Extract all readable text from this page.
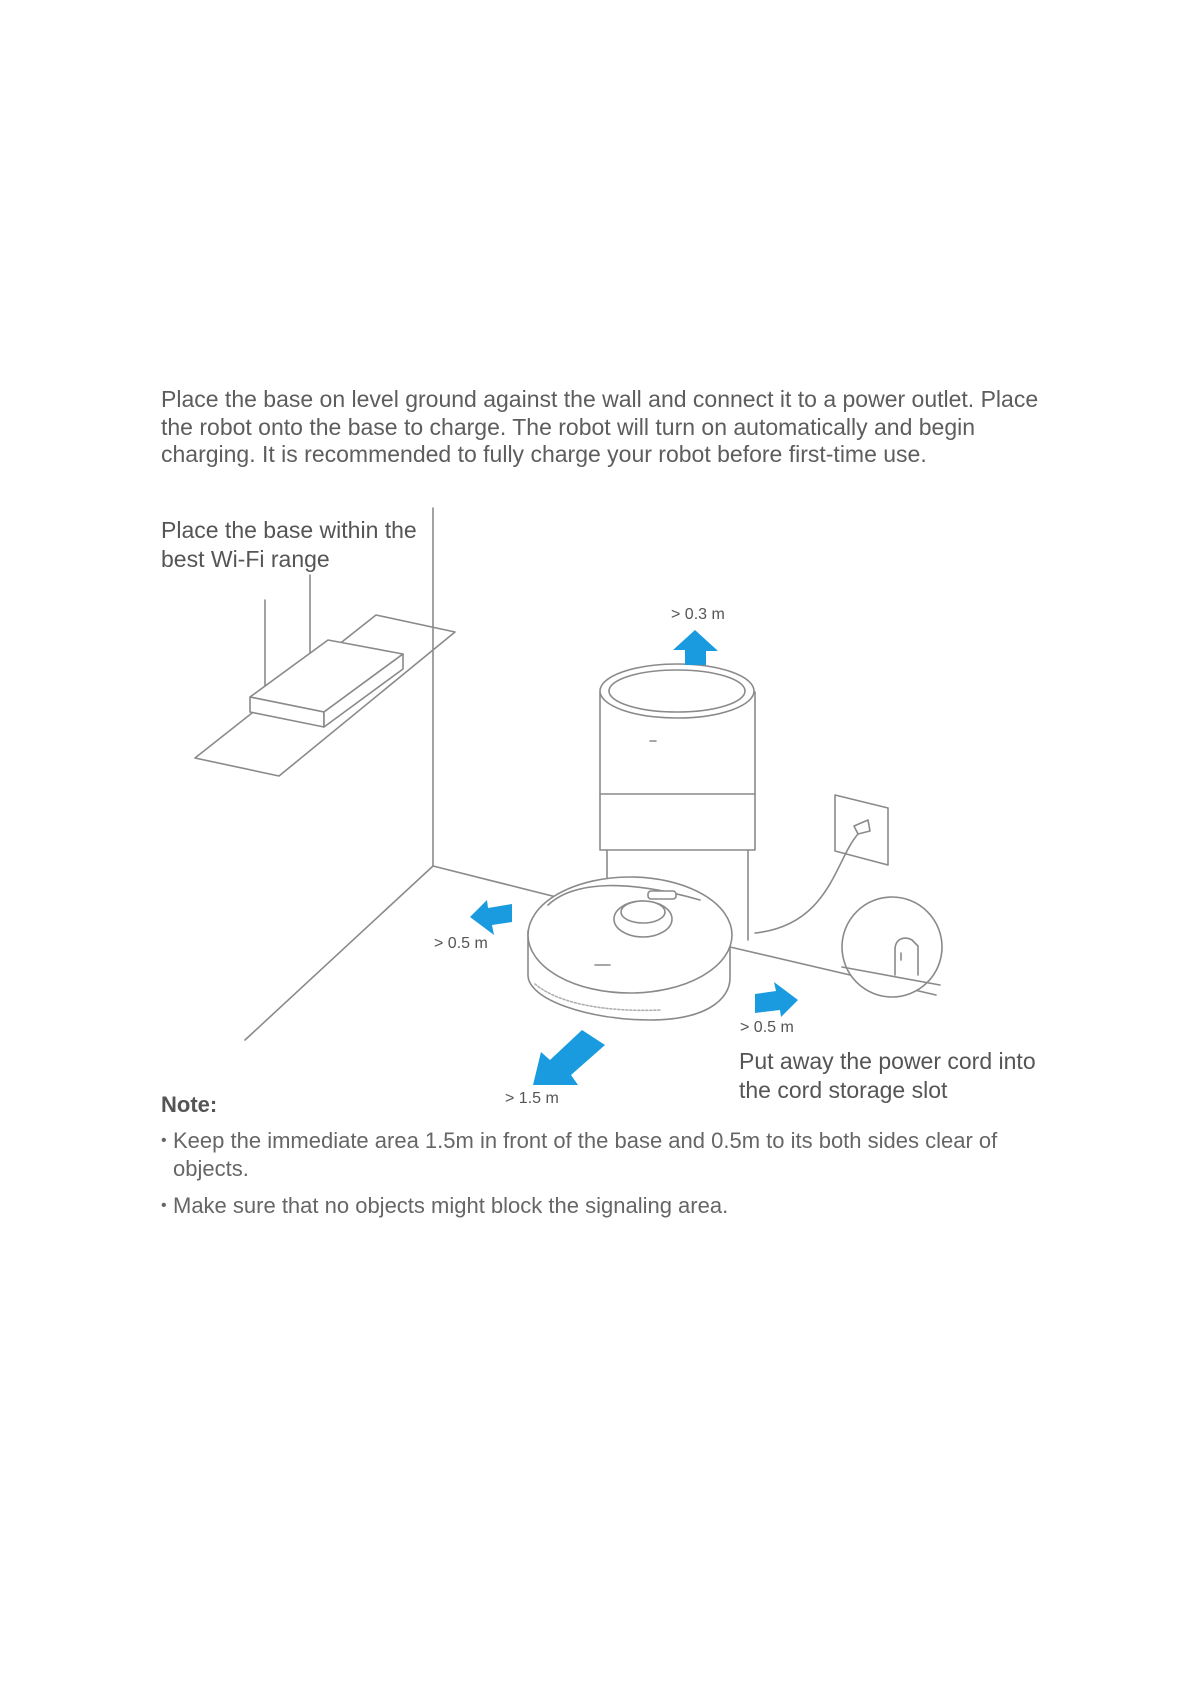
Place the base on level ground against the wall and connect it to a power outlet. Place the robot onto the base to charge. The robot will turn on automatically and begin charging. It is recommended to fully charge your robot before first-time use.

Place the base within the best Wi-Fi range
> 0.3 m
> 0.5 m
> 0.5 m
> 1.5 m
Put away the power cord into the cord storage slot

Note:

• Keep the immediate area 1.5m in front of the base and 0.5m to its both sides clear of objects.
• Make sure that no objects might block the signaling area.
